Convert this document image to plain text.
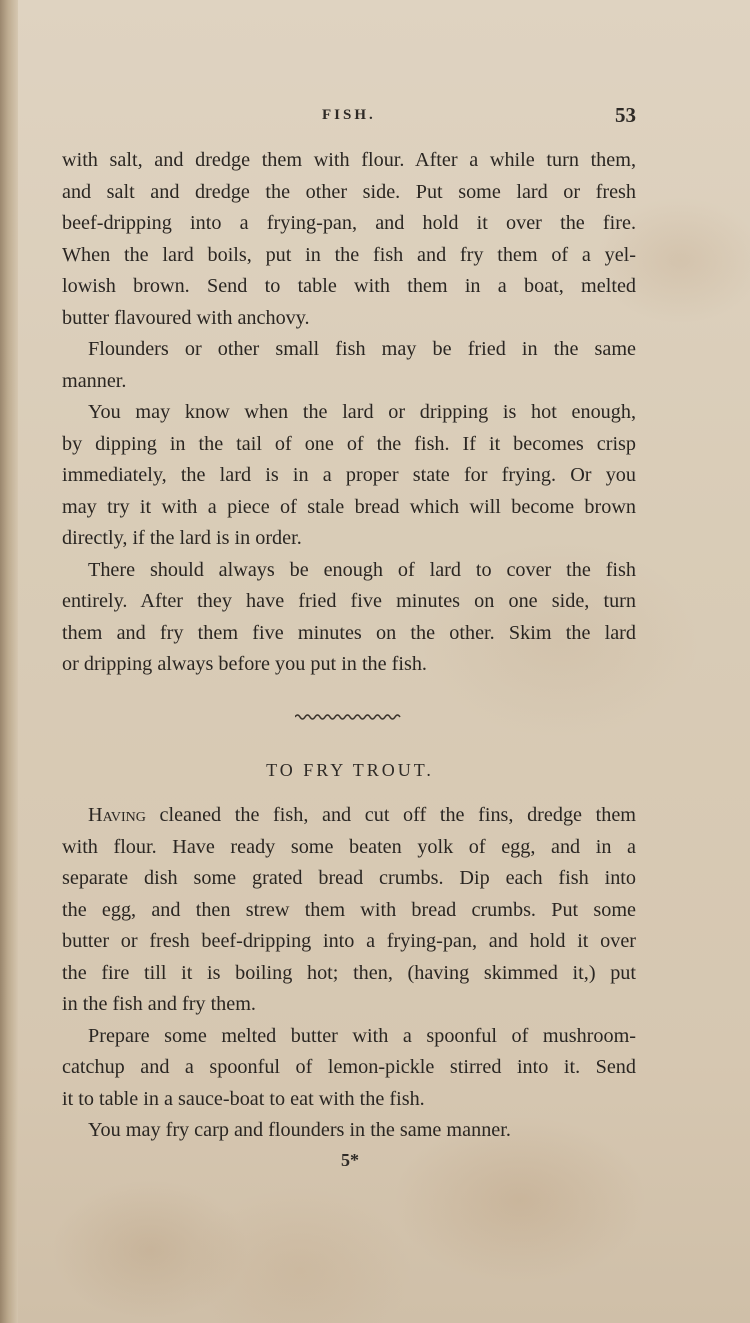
FISH.	53
with salt, and dredge them with flour. After a while turn them,
and salt and dredge the other side. Put some lard or fresh
beef-dripping into a frying-pan, and hold it over the fire.
When the lard boils, put in the fish and fry them of a yel-
lowish brown. Send to table with them in a boat, melted
butter flavoured with anchovy.
Flounders or other small fish may be fried in the same
manner.
You may know when the lard or dripping is hot enough,
by dipping in the tail of one of the fish. If it becomes crisp
immediately, the lard is in a proper state for frying. Or you
may try it with a piece of stale bread which will become brown
directly, if the lard is in order.
There should always be enough of lard to cover the fish
entirely. After they have fried five minutes on one side, turn
them and fry them five minutes on the other. Skim the lard
or dripping always before you put in the fish.
TO FRY TROUT.
Having cleaned the fish, and cut off the fins, dredge them
with flour. Have ready some beaten yolk of egg, and in a
separate dish some grated bread crumbs. Dip each fish into
the egg, and then strew them with bread crumbs. Put some
butter or fresh beef-dripping into a frying-pan, and hold it over
the fire till it is boiling hot; then, (having skimmed it,) put
in the fish and fry them.
Prepare some melted butter with a spoonful of mushroom-
catchup and a spoonful of lemon-pickle stirred into it. Send
it to table in a sauce-boat to eat with the fish.
You may fry carp and flounders in the same manner.
5*
